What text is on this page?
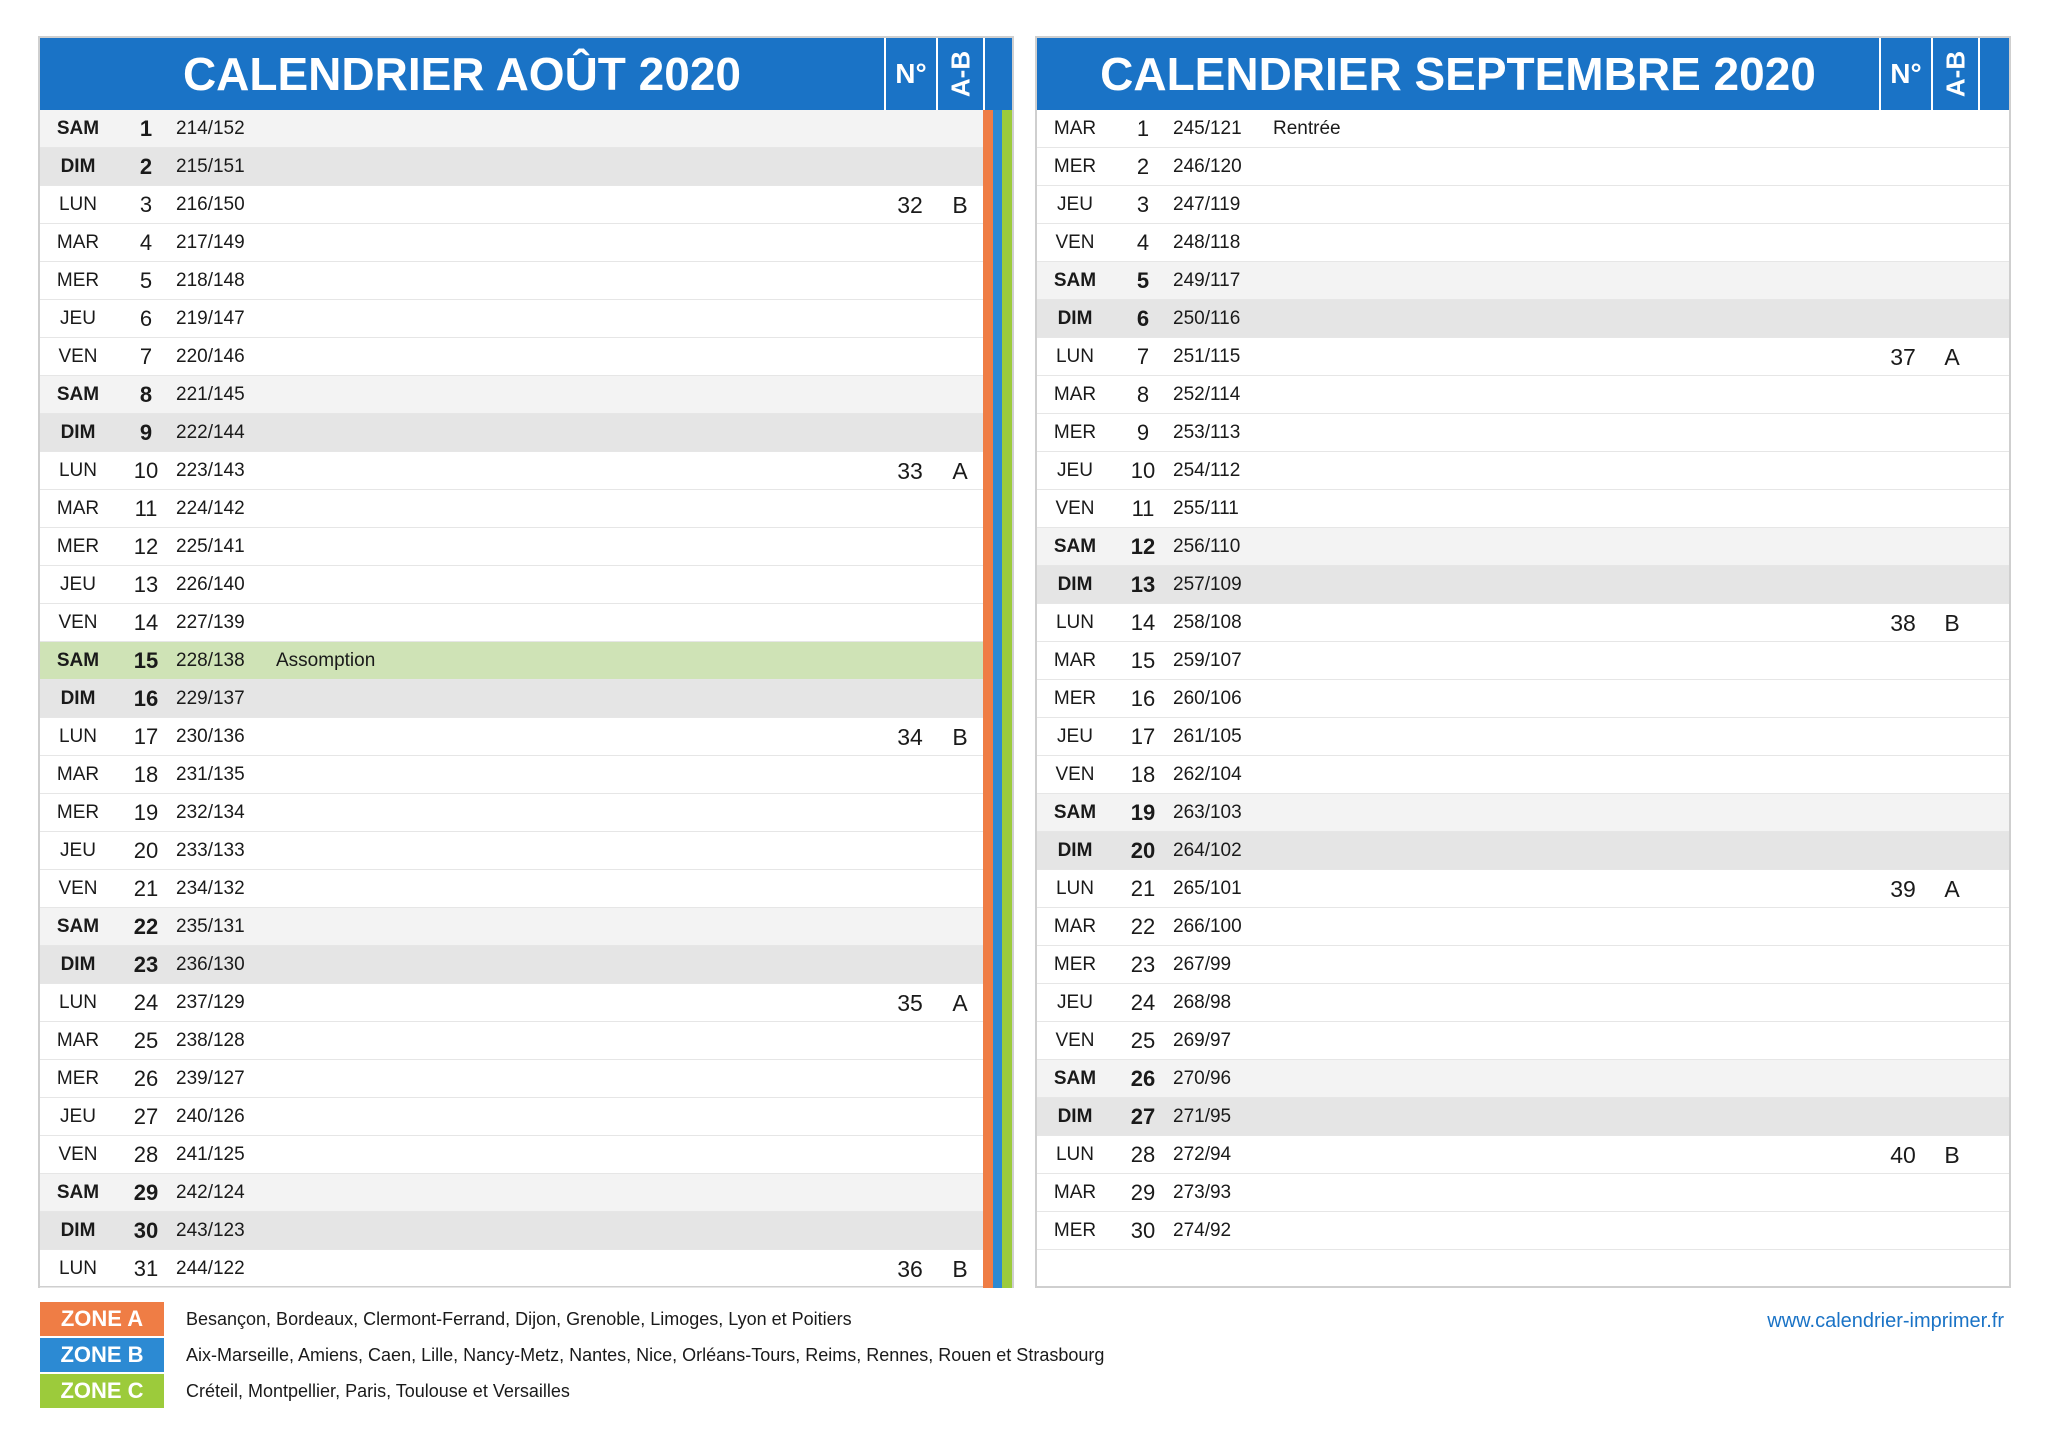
CALENDRIER AOÛT 2020	N° A-B
SAM	1	214/152
DIM	2	215/151
LUN	3	216/150	32	B
MAR	4	217/149
MER	5	218/148
JEU	6	219/147
VEN	7	220/146
SAM	8	221/145
DIM	9	222/144
LUN	10 223/143	33	A
MAR	11 224/142
MER	12 225/141
JEU	13 226/140
VEN	14 227/139
SAM	15 228/138	Assomption
DIM	16 229/137
LUN	17 230/136	34	B
MAR	18 231/135
MER	19 232/134
JEU	20 233/133
VEN	21 234/132
SAM	22 235/131
DIM	23 236/130
LUN	24 237/129	35	A
MAR	25 238/128
MER	26 239/127
JEU	27 240/126
VEN	28 241/125
SAM	29 242/124
DIM	30 243/123
LUN	31 244/122	36	B
CALENDRIER SEPTEMBRE 2020	N° A-B
MAR	1	245/121	Rentrée
MER	2	246/120
JEU	3	247/119
VEN	4	248/118
SAM	5	249/117
DIM	6	250/116
LUN	7	251/115	37	A
MAR	8	252/114
MER	9	253/113
JEU	10 254/112
VEN	11 255/111
SAM	12 256/110
DIM	13 257/109
LUN	14 258/108	38	B
MAR	15 259/107
MER	16 260/106
JEU	17 261/105
VEN	18 262/104
SAM	19 263/103
DIM	20 264/102
LUN	21 265/101	39	A
MAR	22 266/100
MER	23 267/99
JEU	24 268/98
VEN	25 269/97
SAM	26 270/96
DIM	27 271/95
LUN	28 272/94	40	B
MAR	29 273/93
MER	30 274/92
ZONE A	Besançon, Bordeaux, Clermont-Ferrand, Dijon, Grenoble, Limoges, Lyon et Poitiers
ZONE B	Aix-Marseille, Amiens, Caen, Lille, Nancy-Metz, Nantes, Nice, Orléans-Tours, Reims, Rennes, Rouen et Strasbourg
ZONE C	Créteil, Montpellier, Paris, Toulouse et Versailles
www.calendrier-imprimer.fr
